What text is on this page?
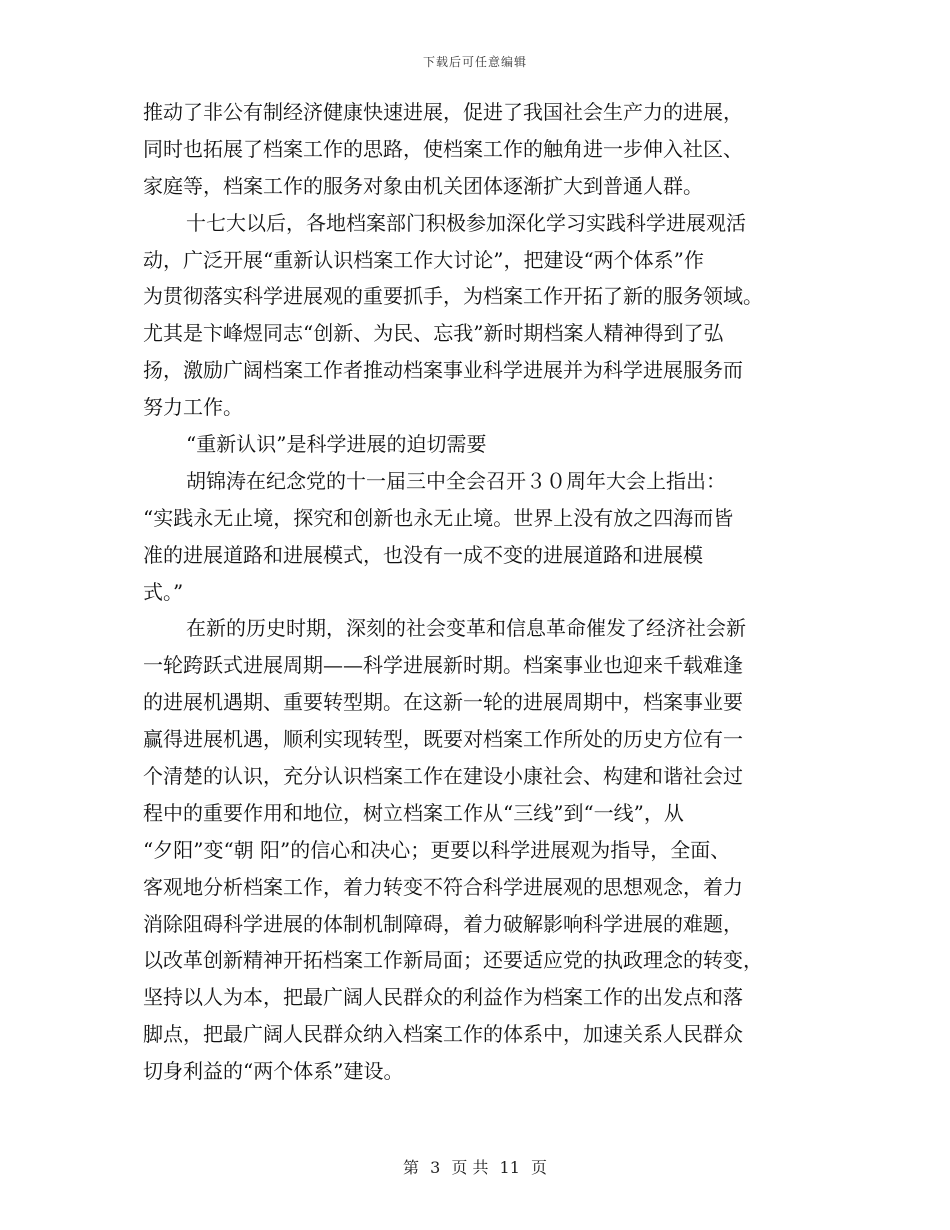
下载后可任意编辑
推动了非公有制经济健康快速进展，促进了我国社会生产力的进展，
同时也拓展了档案工作的思路，使档案工作的触角进一步伸入社区、
家庭等，档案工作的服务对象由机关团体逐渐扩大到普通人群。
十七大以后，各地档案部门积极参加深化学习实践科学进展观活
动，广泛开展“重新认识档案工作大讨论”，把建设“两个体系”作
为贯彻落实科学进展观的重要抓手，为档案工作开拓了新的服务领域。
尤其是卞峰煜同志“创新、为民、忘我”新时期档案人精神得到了弘
扬，激励广阔档案工作者推动档案事业科学进展并为科学进展服务而
努力工作。
“重新认识”是科学进展的迫切需要
胡锦涛在纪念党的十一届三中全会召开３０周年大会上指出：
“实践永无止境，探究和创新也永无止境。世界上没有放之四海而皆
准的进展道路和进展模式，也没有一成不变的进展道路和进展模
式。”
在新的历史时期，深刻的社会变革和信息革命催发了经济社会新
一轮跨跃式进展周期——科学进展新时期。档案事业也迎来千载难逢
的进展机遇期、重要转型期。在这新一轮的进展周期中，档案事业要
赢得进展机遇，顺利实现转型，既要对档案工作所处的历史方位有一
个清楚的认识，充分认识档案工作在建设小康社会、构建和谐社会过
程中的重要作用和地位，树立档案工作从“三线”到“一线”，从
“夕阳”变“朝 阳”的信心和决心；更要以科学进展观为指导，全面、
客观地分析档案工作，着力转变不符合科学进展观的思想观念，着力
消除阻碍科学进展的体制机制障碍，着力破解影响科学进展的难题，
以改革创新精神开拓档案工作新局面；还要适应党的执政理念的转变，
坚持以人为本，把最广阔人民群众的利益作为档案工作的出发点和落
脚点，把最广阔人民群众纳入档案工作的体系中，加速关系人民群众
切身利益的“两个体系”建设。
第 3 页 共 11 页
